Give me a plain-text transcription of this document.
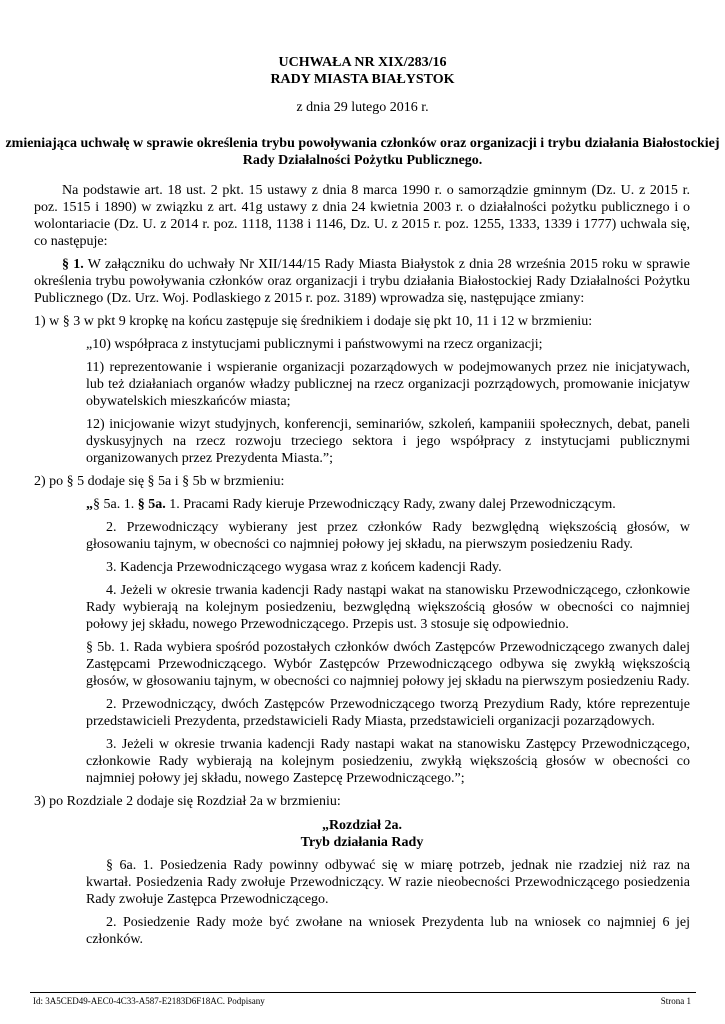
UCHWAŁA NR XIX/283/16
RADY MIASTA BIAŁYSTOK
z dnia 29 lutego 2016 r.
zmieniająca uchwałę w sprawie określenia trybu powoływania członków oraz organizacji i trybu działania Białostockiej Rady Działalności Pożytku Publicznego.

Na podstawie art. 18 ust. 2 pkt. 15 ustawy z dnia 8 marca 1990 r. o samorządzie gminnym (Dz. U. z 2015 r. poz. 1515 i 1890) w związku z art. 41g ustawy z dnia 24 kwietnia 2003 r. o działalności pożytku publicznego i o wolontariacie (Dz. U. z 2014 r. poz. 1118, 1138 i 1146, Dz. U. z 2015 r. poz. 1255, 1333, 1339 i 1777) uchwala się, co następuje:

§ 1. W załączniku do uchwały Nr XII/144/15 Rady Miasta Białystok z dnia 28 września 2015 roku w sprawie określenia trybu powoływania członków oraz organizacji i trybu działania Białostockiej Rady Działalności Pożytku Publicznego (Dz. Urz. Woj. Podlaskiego z 2015 r. poz. 3189) wprowadza się, następujące zmiany:

1) w § 3 w pkt 9 kropkę na końcu zastępuje się średnikiem i dodaje się pkt 10, 11 i 12 w brzmieniu:

„10) współpraca z instytucjami publicznymi i państwowymi na rzecz organizacji;

11) reprezentowanie i wspieranie organizacji pozarządowych w podejmowanych przez nie inicjatywach, lub też działaniach organów władzy publicznej na rzecz organizacji pozrządowych, promowanie inicjatyw obywatelskich mieszkańców miasta;

12) inicjowanie wizyt studyjnych, konferencji, seminariów, szkoleń, kampaniii społecznych, debat, paneli dyskusyjnych na rzecz rozwoju trzeciego sektora i jego współpracy z instytucjami publicznymi organizowanych przez Prezydenta Miasta.”;

2) po § 5 dodaje się § 5a i § 5b w brzmieniu:

„§ 5a. 1. § 5a. 1. Pracami Rady kieruje Przewodniczący Rady, zwany dalej Przewodniczącym.

2. Przewodniczący wybierany jest przez członków Rady bezwględną większością głosów, w głosowaniu tajnym, w obecności co najmniej połowy jej składu, na pierwszym posiedzeniu Rady.

3. Kadencja Przewodniczącego wygasa wraz z końcem kadencji Rady.

4. Jeżeli w okresie trwania kadencji Rady nastąpi wakat na stanowisku Przewodniczącego, członkowie Rady wybierają na kolejnym posiedzeniu, bezwględną większością głosów w obecności co najmniej połowy jej składu, nowego Przewodniczącego. Przepis ust. 3 stosuje się odpowiednio.

§ 5b. 1. Rada wybiera spośród pozostałych członków dwóch Zastępców Przewodniczącego zwanych dalej Zastępcami Przewodniczącego. Wybór Zastępców Przewodniczącego odbywa się zwykłą większością głosów, w głosowaniu tajnym, w obecności co najmniej połowy jej składu na pierwszym posiedzeniu Rady.

2. Przewodniczący, dwóch Zastępców Przewodniczącego tworzą Prezydium Rady, które reprezentuje przedstawicieli Prezydenta, przedstawicieli Rady Miasta, przedstawicieli organizacji pozarządowych.

3. Jeżeli w okresie trwania kadencji Rady nastapi wakat na stanowisku Zastępcy Przewodniczącego, członkowie Rady wybierają na kolejnym posiedzeniu, zwykłą większością głosów w obecności co najmniej połowy jej składu, nowego Zastepcę Przewodniczącego.”;

3) po Rozdziale 2 dodaje się Rozdział 2a w brzmieniu:

„Rozdział 2a.

Tryb działania Rady

§ 6a. 1. Posiedzenia Rady powinny odbywać się w miarę potrzeb, jednak nie rzadziej niż raz na kwartał. Posiedzenia Rady zwołuje Przewodniczący. W razie nieobecności Przewodniczącego posiedzenia Rady zwołuje Zastępca Przewodniczącego.

2. Posiedzenie Rady może być zwołane na wniosek Prezydenta lub na wniosek co najmniej 6 jej członków.

Id: 3A5CED49-AEC0-4C33-A587-E2183D6F18AC. Podpisany	Strona 1
